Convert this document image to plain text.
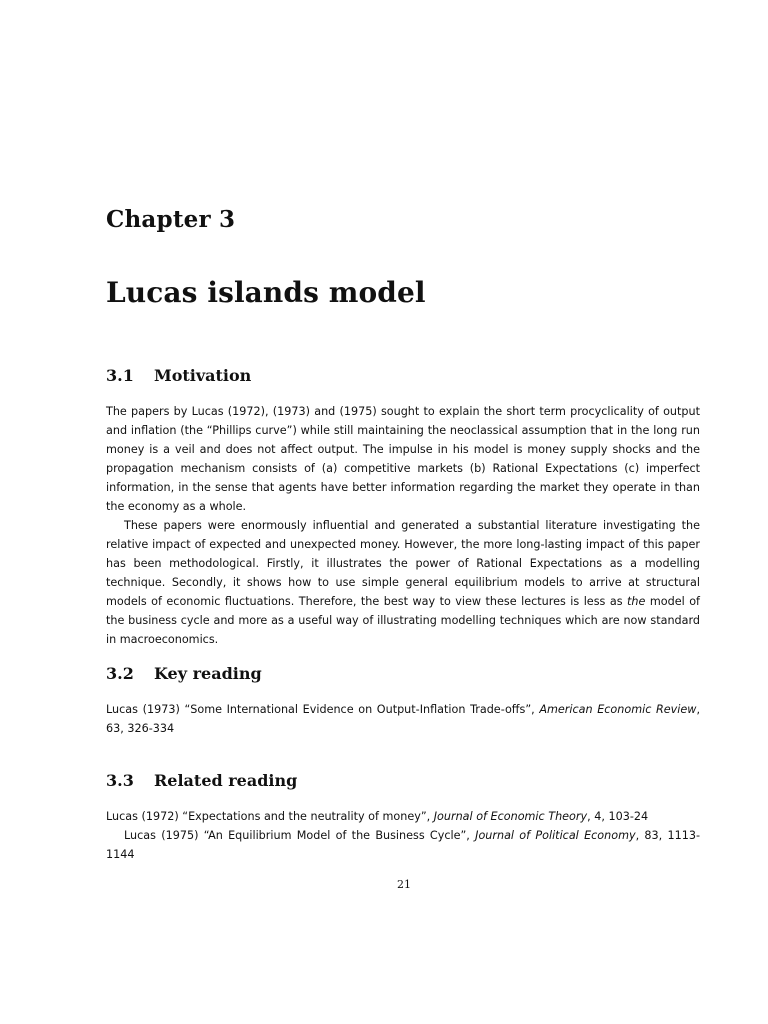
Chapter 3
Lucas islands model
3.1 Motivation

The papers by Lucas (1972), (1973) and (1975) sought to explain the short term procyclicality of output and inflation (the “Phillips curve”) while still maintaining the neoclassical assumption that in the long run money is a veil and does not affect output. The impulse in his model is money supply shocks and the propagation mechanism consists of (a) competitive markets (b) Rational Expectations (c) imperfect information, in the sense that agents have better information regarding the market they operate in than the economy as a whole.

These papers were enormously influential and generated a substantial literature investigating the relative impact of expected and unexpected money. However, the more long-lasting impact of this paper has been methodological. Firstly, it illustrates the power of Rational Expectations as a modelling technique. Secondly, it shows how to use simple general equilibrium models to arrive at structural models of economic fluctuations. Therefore, the best way to view these lectures is less as the model of the business cycle and more as a useful way of illustrating modelling techniques which are now standard in macroeconomics.

3.2 Key reading

Lucas (1973) “Some International Evidence on Output-Inflation Trade-offs”, American Economic Review, 63, 326-334

3.3 Related reading

Lucas (1972) “Expectations and the neutrality of money”, Journal of Economic Theory, 4, 103-24

Lucas (1975) “An Equilibrium Model of the Business Cycle”, Journal of Political Economy, 83, 1113-1144

21
